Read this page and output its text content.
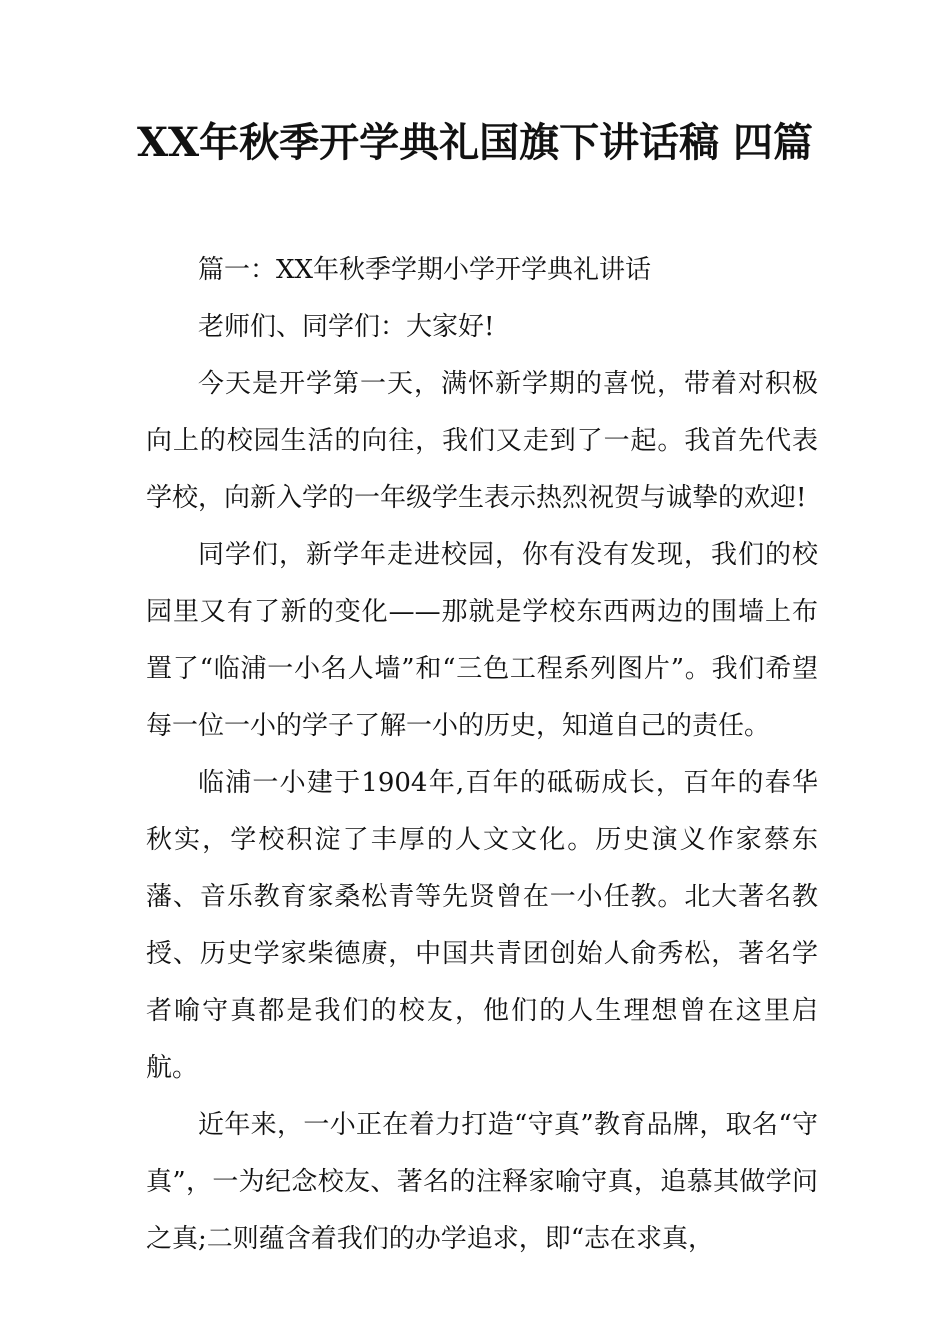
XX年秋季开学典礼国旗下讲话稿 四篇

篇一：XX年秋季学期小学开学典礼讲话

老师们、同学们：大家好!

今天是开学第一天，满怀新学期的喜悦，带着对积极向上的校园生活的向往，我们又走到了一起。我首先代表学校，向新入学的一年级学生表示热烈祝贺与诚挚的欢迎!

同学们，新学年走进校园，你有没有发现，我们的校园里又有了新的变化——那就是学校东西两边的围墙上布置了“临浦一小名人墙”和“三色工程系列图片”。我们希望每一位一小的学子了解一小的历史，知道自己的责任。

临浦一小建于1904年,百年的砥砺成长，百年的春华秋实，学校积淀了丰厚的人文文化。历史演义作家蔡东藩、音乐教育家桑松青等先贤曾在一小任教。北大著名教授、历史学家柴德赓，中国共青团创始人俞秀松，著名学者喻守真都是我们的校友，他们的人生理想曾在这里启航。

近年来，一小正在着力打造“守真”教育品牌，取名“守真”，一为纪念校友、著名的注释家喻守真，追慕其做学问之真;二则蕴含着我们的办学追求，即“志在求真，
